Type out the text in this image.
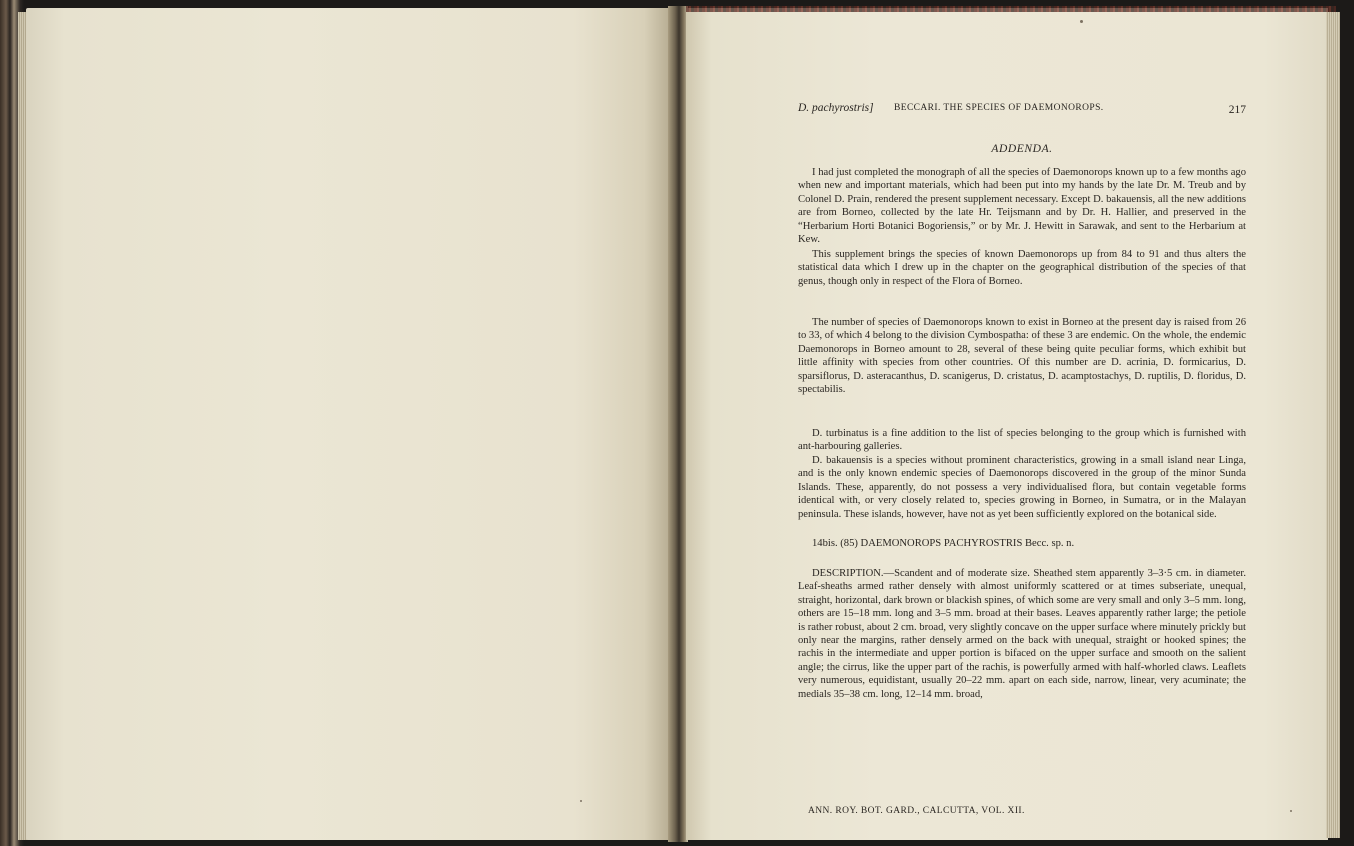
D. pachyrostris] BECCARI. THE SPECIES OF DAEMONOROPS.	217
ADDENDA.

I had just completed the monograph of all the species of Daemonorops known up to a few months ago when new and important materials, which had been put into my hands by the late Dr. M. Treub and by Colonel D. Prain, rendered the present supplement necessary. Except D. bakauensis, all the new additions are from Borneo, collected by the late Hr. Teijsmann and by Dr. H. Hallier, and preserved in the “Herbarium Horti Botanici Bogoriensis,” or by Mr. J. Hewitt in Sarawak, and sent to the Herbarium at Kew.

This supplement brings the species of known Daemonorops up from 84 to 91 and thus alters the statistical data which I drew up in the chapter on the geographical distribution of the species of that genus, though only in respect of the Flora of Borneo.

The number of species of Daemonorops known to exist in Borneo at the present day is raised from 26 to 33, of which 4 belong to the division Cymbospatha: of these 3 are endemic. On the whole, the endemic Daemonorops in Borneo amount to 28, several of these being quite peculiar forms, which exhibit but little affinity with species from other countries. Of this number are D. acrinia, D. formicarius, D. sparsiflorus, D. asteracanthus, D. scanigerus, D. cristatus, D. acamptostachys, D. ruptilis, D. floridus, D. spectabilis.

D. turbinatus is a fine addition to the list of species belonging to the group which is furnished with ant-harbouring galleries.

D. bakauensis is a species without prominent characteristics, growing in a small island near Linga, and is the only known endemic species of Daemonorops discovered in the group of the minor Sunda Islands. These, apparently, do not possess a very individualised flora, but contain vegetable forms identical with, or very closely related to, species growing in Borneo, in Sumatra, or in the Malayan peninsula. These islands, however, have not as yet been sufficiently explored on the botanical side.

14bis. (85) DAEMONOROPS PACHYROSTRIS Becc. sp. n.

DESCRIPTION.—Scandent and of moderate size. Sheathed stem apparently 3–3·5 cm. in diameter. Leaf-sheaths armed rather densely with almost uniformly scattered or at times subseriate, unequal, straight, horizontal, dark brown or blackish spines, of which some are very small and only 3–5 mm. long, others are 15–18 mm. long and 3–5 mm. broad at their bases. Leaves apparently rather large; the petiole is rather robust, about 2 cm. broad, very slightly concave on the upper surface where minutely prickly but only near the margins, rather densely armed on the back with unequal, straight or hooked spines; the rachis in the intermediate and upper portion is bifaced on the upper surface and smooth on the salient angle; the cirrus, like the upper part of the rachis, is powerfully armed with half-whorled claws. Leaflets very numerous, equidistant, usually 20–22 mm. apart on each side, narrow, linear, very acuminate; the medials 35–38 cm. long, 12–14 mm. broad,

ANN. ROY. BOT. GARD., CALCUTTA, VOL. XII.
